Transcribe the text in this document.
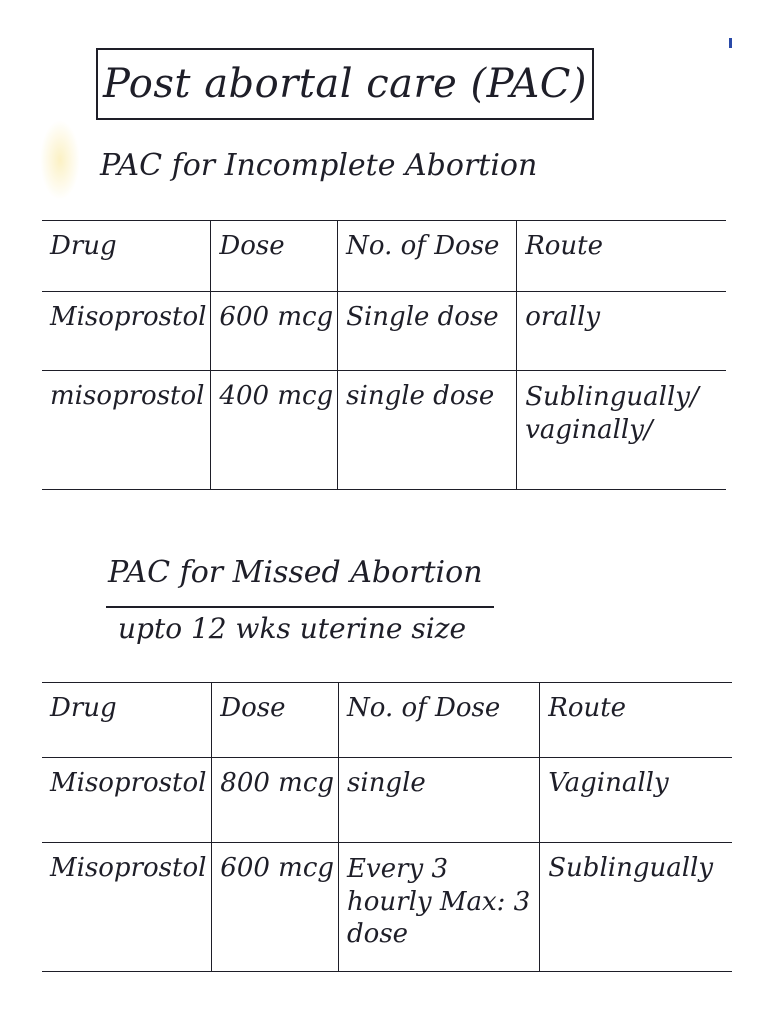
Post abortal care (PAC)
PAC for Incomplete Abortion
Drug	Dose	No. of Dose	Route
Misoprostol	600 mcg	Single dose	orally
misoprostol	400 mcg	single dose	Sublingually/ vaginally/
PAC for Missed Abortion
upto 12 wks uterine size
Drug	Dose	No. of Dose	Route
Misoprostol	800 mcg	single	Vaginally
Misoprostol	600 mcg	Every 3 hourly Max: 3 dose	Sublingually
